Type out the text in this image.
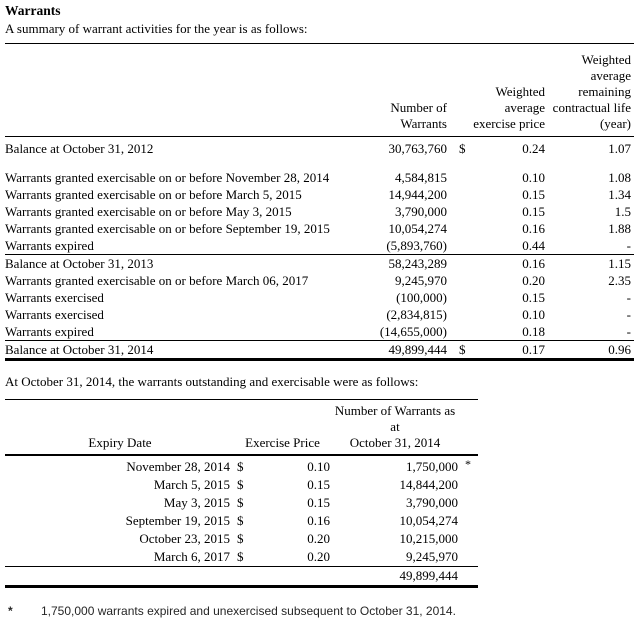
Warrants

A summary of warrant activities for the year is as follows:

Number of
Warrants

Weighted
average
exercise price

Weighted
average
remaining
contractual life
(year)

Balance at October 31, 2012	30,763,760	$	0.24	1.07

Warrants granted exercisable on or before November 28, 2014	4,584,815		0.10	1.08
Warrants granted exercisable on or before March 5, 2015	14,944,200		0.15	1.34
Warrants granted exercisable on or before May 3, 2015	3,790,000		0.15	1.5
Warrants granted exercisable on or before September 19, 2015	10,054,274		0.16	1.88
Warrants expired	(5,893,760)		0.44	-
Balance at October 31, 2013	58,243,289		0.16	1.15
Warrants granted exercisable on or before March 06, 2017	9,245,970		0.20	2.35
Warrants exercised	(100,000)		0.15	-
Warrants exercised	(2,834,815)		0.10	-
Warrants expired	(14,655,000)		0.18	-
Balance at October 31, 2014	49,899,444	$	0.17	0.96

At October 31, 2014, the warrants outstanding and exercisable were as follows:

Expiry Date	Exercise Price		Number of Warrants as at
October 31, 2014	

November 28, 2014	$	0.10	1,750,000	*
March 5, 2015	$	0.15	14,844,200	
May 3, 2015	$	0.15	3,790,000	
September 19, 2015	$	0.16	10,054,274	
October 23, 2015	$	0.20	10,215,000	
March 6, 2017	$	0.20	9,245,970	
			49,899,444	
*	1,750,000 warrants expired and unexercised subsequent to October 31, 2014.
